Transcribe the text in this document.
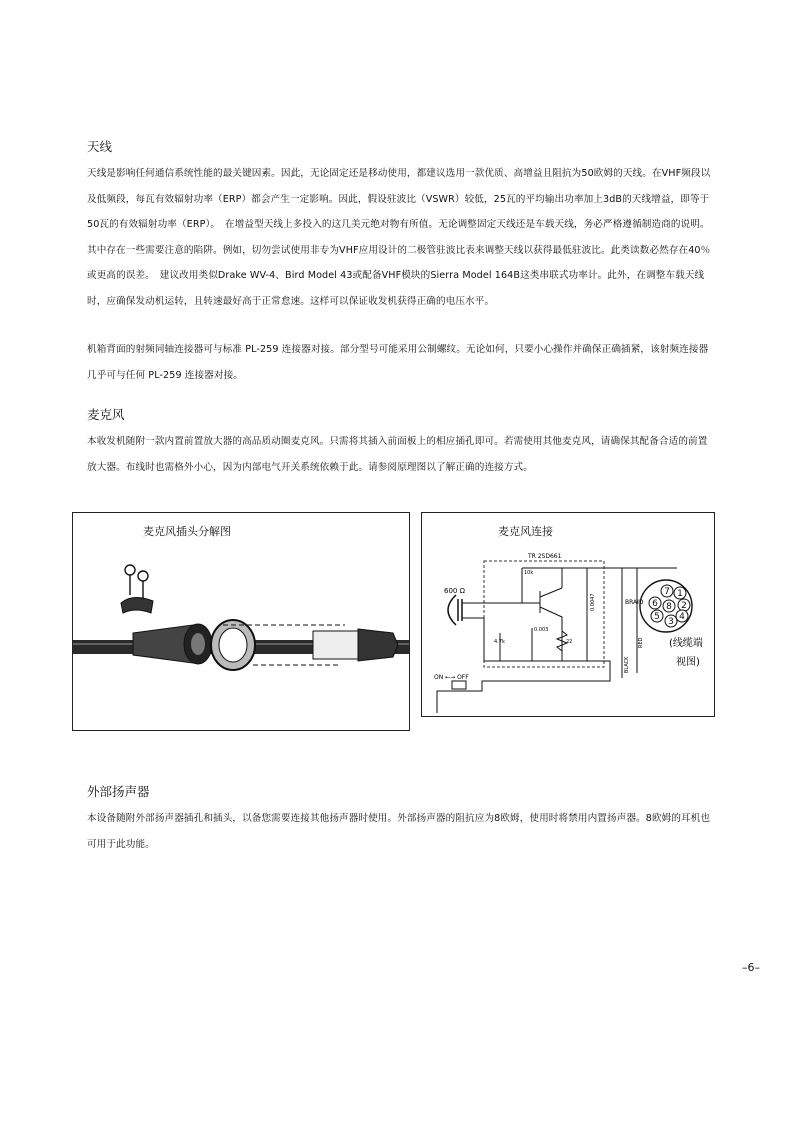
天线

天线是影响任何通信系统性能的最关键因素。因此，无论固定还是移动使用，都建议选用一款优质、高增益且阻抗为50欧姆的天线。在VHF频段以及低频段，每瓦有效辐射功率（ERP）都会产生一定影响。因此，假设驻波比（VSWR）较低，25瓦的平均输出功率加上3dB的天线增益，即等于50瓦的有效辐射功率（ERP）。　在增益型天线上多投入的这几美元绝对物有所值。无论调整固定天线还是车载天线，务必严格遵循制造商的说明。其中存在一些需要注意的陷阱。例如，切勿尝试使用非专为VHF应用设计的二极管驻波比表来调整天线以获得最低驻波比。此类读数必然存在40％或更高的误差。　建议改用类似Drake WV-4、Bird Model 43或配备VHF模块的Sierra Model 164B这类串联式功率计。此外，在调整车载天线时，应确保发动机运转，且转速最好高于正常怠速。这样可以保证收发机获得正确的电压水平。

机箱背面的射频同轴连接器可与标准 PL-259 连接器对接。部分型号可能采用公制螺纹。无论如何，只要小心操作并确保正确插紧，该射频连接器几乎可与任何 PL-259 连接器对接。

麦克风

本收发机随附一款内置前置放大器的高品质动圈麦克风。只需将其插入前面板上的相应插孔即可。若需使用其他麦克风，请确保其配备合适的前置放大器。布线时也需格外小心，因为内部电气开关系统依赖于此。请参阅原理图以了解正确的连接方式。

麦克风插头分解图	麦克风连接
TR 2SD661
600 Ω
10k
4.7k	22
0.003
0.0047
ON ←→ OFF
BRAID
BLACK
RED
7 1
6 8 2
5 3 4
(线缆端
视图)
外部扬声器

本设备随附外部扬声器插孔和插头，以备您需要连接其他扬声器时使用。外部扬声器的阻抗应为8欧姆，使用时将禁用内置扬声器。8欧姆的耳机也可用于此功能。

–6–
